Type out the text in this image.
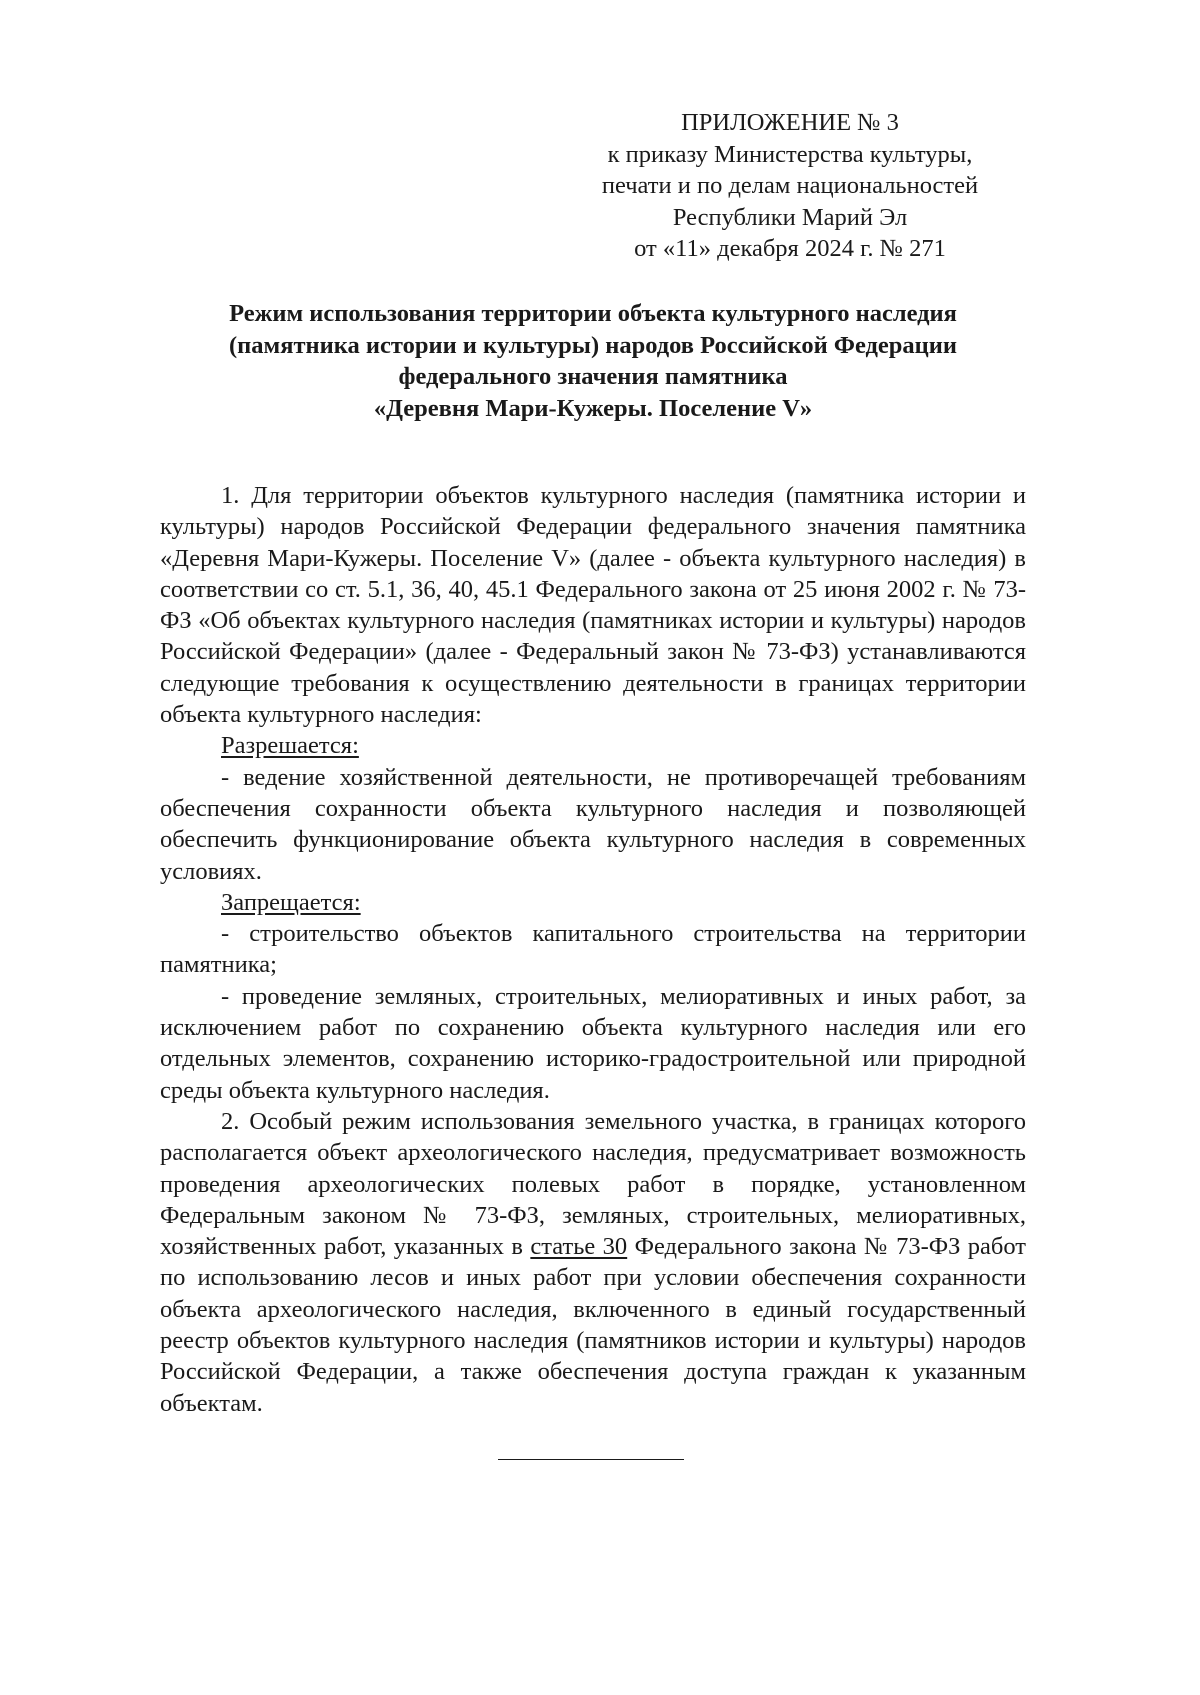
ПРИЛОЖЕНИЕ № 3
к приказу Министерства культуры,
печати и по делам национальностей
Республики Марий Эл
от «11» декабря 2024 г. № 271
Режим использования территории объекта культурного наследия
(памятника истории и культуры) народов Российской Федерации
федерального значения памятника
«Деревня Мари-Кужеры. Поселение V»

1. Для территории объектов культурного наследия (памятника истории и культуры) народов Российской Федерации федерального значения памятника «Деревня Мари-Кужеры. Поселение V» (далее - объекта культурного наследия) в соответствии со ст. 5.1, 36, 40, 45.1 Федерального закона от 25 июня 2002 г. № 73-ФЗ «Об объектах культурного наследия (памятниках истории и культуры) народов Российской Федерации» (далее - Федеральный закон № 73-ФЗ) устанавливаются следующие требования к осуществлению деятельности в границах территории объекта культурного наследия:

Разрешается:

- ведение хозяйственной деятельности, не противоречащей требованиям обеспечения сохранности объекта культурного наследия и позволяющей обеспечить функционирование объекта культурного наследия в современных условиях.

Запрещается:

- строительство объектов капитального строительства на территории памятника;

- проведение земляных, строительных, мелиоративных и иных работ, за исключением работ по сохранению объекта культурного наследия или его отдельных элементов, сохранению историко-градостроительной или природной среды объекта культурного наследия.

2. Особый режим использования земельного участка, в границах которого располагается объект археологического наследия, предусматривает возможность проведения археологических полевых работ в порядке, установленном Федеральным законом № 73-ФЗ, земляных, строительных, мелиоративных, хозяйственных работ, указанных в статье 30 Федерального закона № 73-ФЗ работ по использованию лесов и иных работ при условии обеспечения сохранности объекта археологического наследия, включенного в единый государственный реестр объектов культурного наследия (памятников истории и культуры) народов Российской Федерации, а также обеспечения доступа граждан к указанным объектам.
